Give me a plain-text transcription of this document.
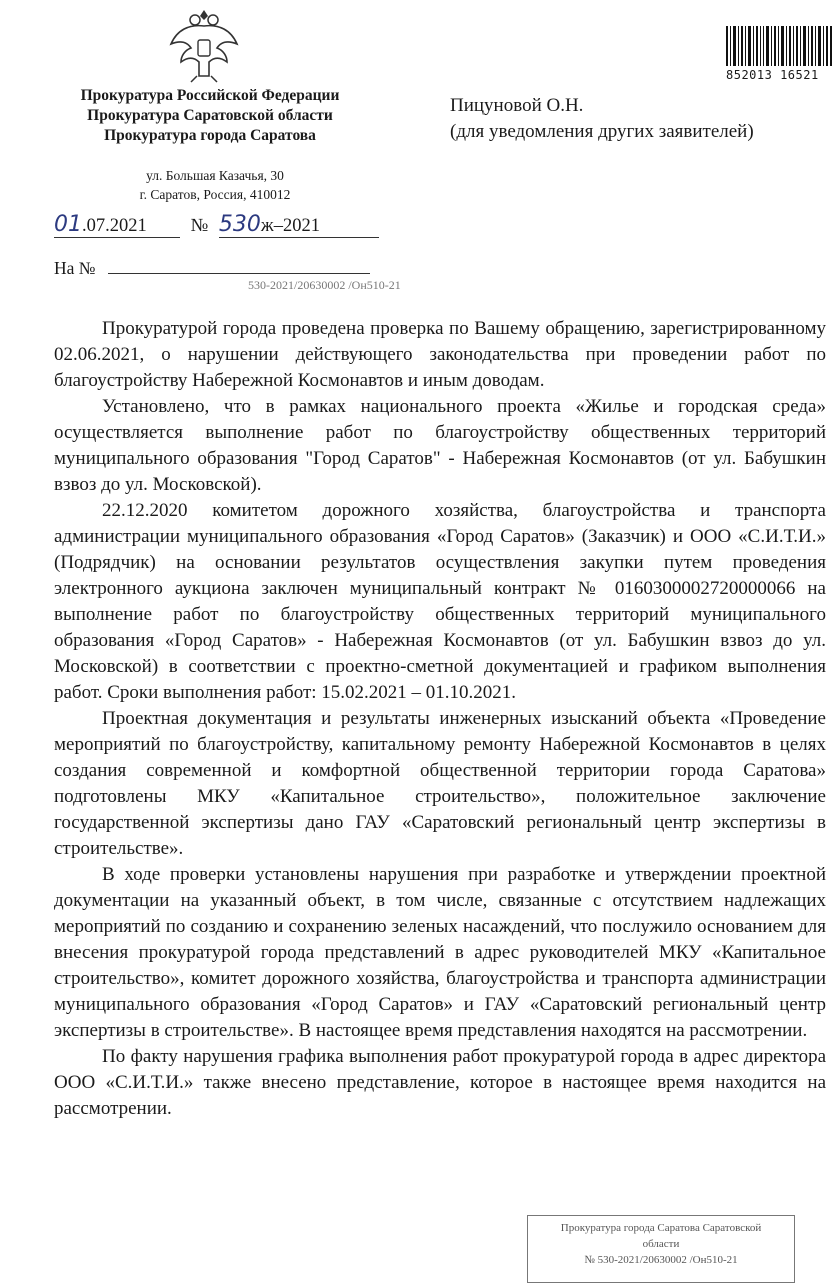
Прокуратура Российской Федерации
Прокуратура Саратовской области
Прокуратура города Саратова
ул. Большая Казачья, 30
г. Саратов, Россия, 410012
852013 16521
Пицуновой О.Н.
(для уведомления других заявителей)
01.07.2021 № 530ж–2021
На №
530-2021/20630002 /Он510-21

Прокуратурой города проведена проверка по Вашему обращению, зарегистрированному 02.06.2021, о нарушении действующего законодательства при проведении работ по благоустройству Набережной Космонавтов и иным доводам.

Установлено, что в рамках национального проекта «Жилье и городская среда» осуществляется выполнение работ по благоустройству общественных территорий муниципального образования "Город Саратов" - Набережная Космонавтов (от ул. Бабушкин взвоз до ул. Московской).

22.12.2020 комитетом дорожного хозяйства, благоустройства и транспорта администрации муниципального образования «Город Саратов» (Заказчик) и ООО «С.И.Т.И.» (Подрядчик) на основании результатов осуществления закупки путем проведения электронного аукциона заключен муниципальный контракт № 0160300002720000066 на выполнение работ по благоустройству общественных территорий муниципального образования «Город Саратов» - Набережная Космонавтов (от ул. Бабушкин взвоз до ул. Московской) в соответствии с проектно-сметной документацией и графиком выполнения работ. Сроки выполнения работ: 15.02.2021 – 01.10.2021.

Проектная документация и результаты инженерных изысканий объекта «Проведение мероприятий по благоустройству, капитальному ремонту Набережной Космонавтов в целях создания современной и комфортной общественной территории города Саратова» подготовлены МКУ «Капитальное строительство», положительное заключение государственной экспертизы дано ГАУ «Саратовский региональный центр экспертизы в строительстве».

В ходе проверки установлены нарушения при разработке и утверждении проектной документации на указанный объект, в том числе, связанные с отсутствием надлежащих мероприятий по созданию и сохранению зеленых насаждений, что послужило основанием для внесения прокуратурой города представлений в адрес руководителей МКУ «Капитальное строительство», комитет дорожного хозяйства, благоустройства и транспорта администрации муниципального образования «Город Саратов» и ГАУ «Саратовский региональный центр экспертизы в строительстве». В настоящее время представления находятся на рассмотрении.

По факту нарушения графика выполнения работ прокуратурой города в адрес директора ООО «С.И.Т.И.» также внесено представление, которое в настоящее время находится на рассмотрении.

Прокуратура города Саратова Саратовской
области
№ 530-2021/20630002 /Он510-21
